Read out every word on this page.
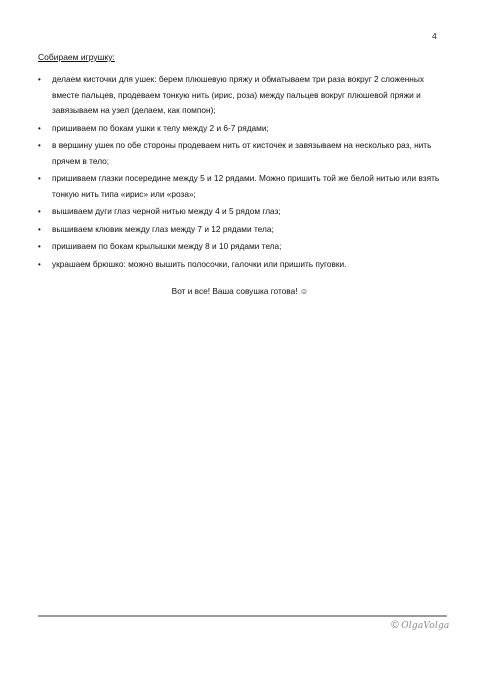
4
Собираем игрушку:
• делаем кисточки для ушек: берем плюшевую пряжу и обматываем три раза вокруг 2 сложенных вместе пальцев, продеваем тонкую нить (ирис, роза) между пальцев вокруг плюшевой пряжи и завязываем на узел (делаем, как помпон);
• пришиваем по бокам ушки к телу между 2 и 6-7 рядами;
• в вершину ушек по обе стороны продеваем нить от кисточек и завязываем на несколько раз, нить прячем в тело;
• пришиваем глазки посередине между 5 и 12 рядами. Можно пришить той же белой нитью или взять тонкую нить типа «ирис» или «роза»;
• вышиваем дуги глаз черной нитью между 4 и 5 рядом глаз;
• вышиваем клювик между глаз между 7 и 12 рядами тела;
• пришиваем по бокам крылышки между 8 и 10 рядами тела;
• украшаем брюшко: можно вышить полосочки, галочки или пришить пуговки.
Вот и все! Ваша совушка готова! ☺
©OlgaVolga
